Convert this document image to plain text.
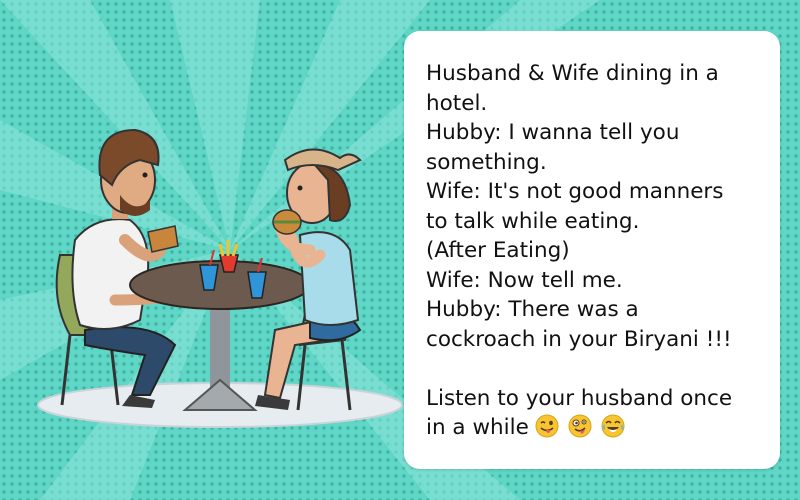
Husband & Wife dining in a
hotel.
Hubby: I wanna tell you
something.
Wife: It's not good manners
to talk while eating.
(After Eating)
Wife: Now tell me.
Hubby: There was a
cockroach in your Biryani !!!
Listen to your husband once
in a while
